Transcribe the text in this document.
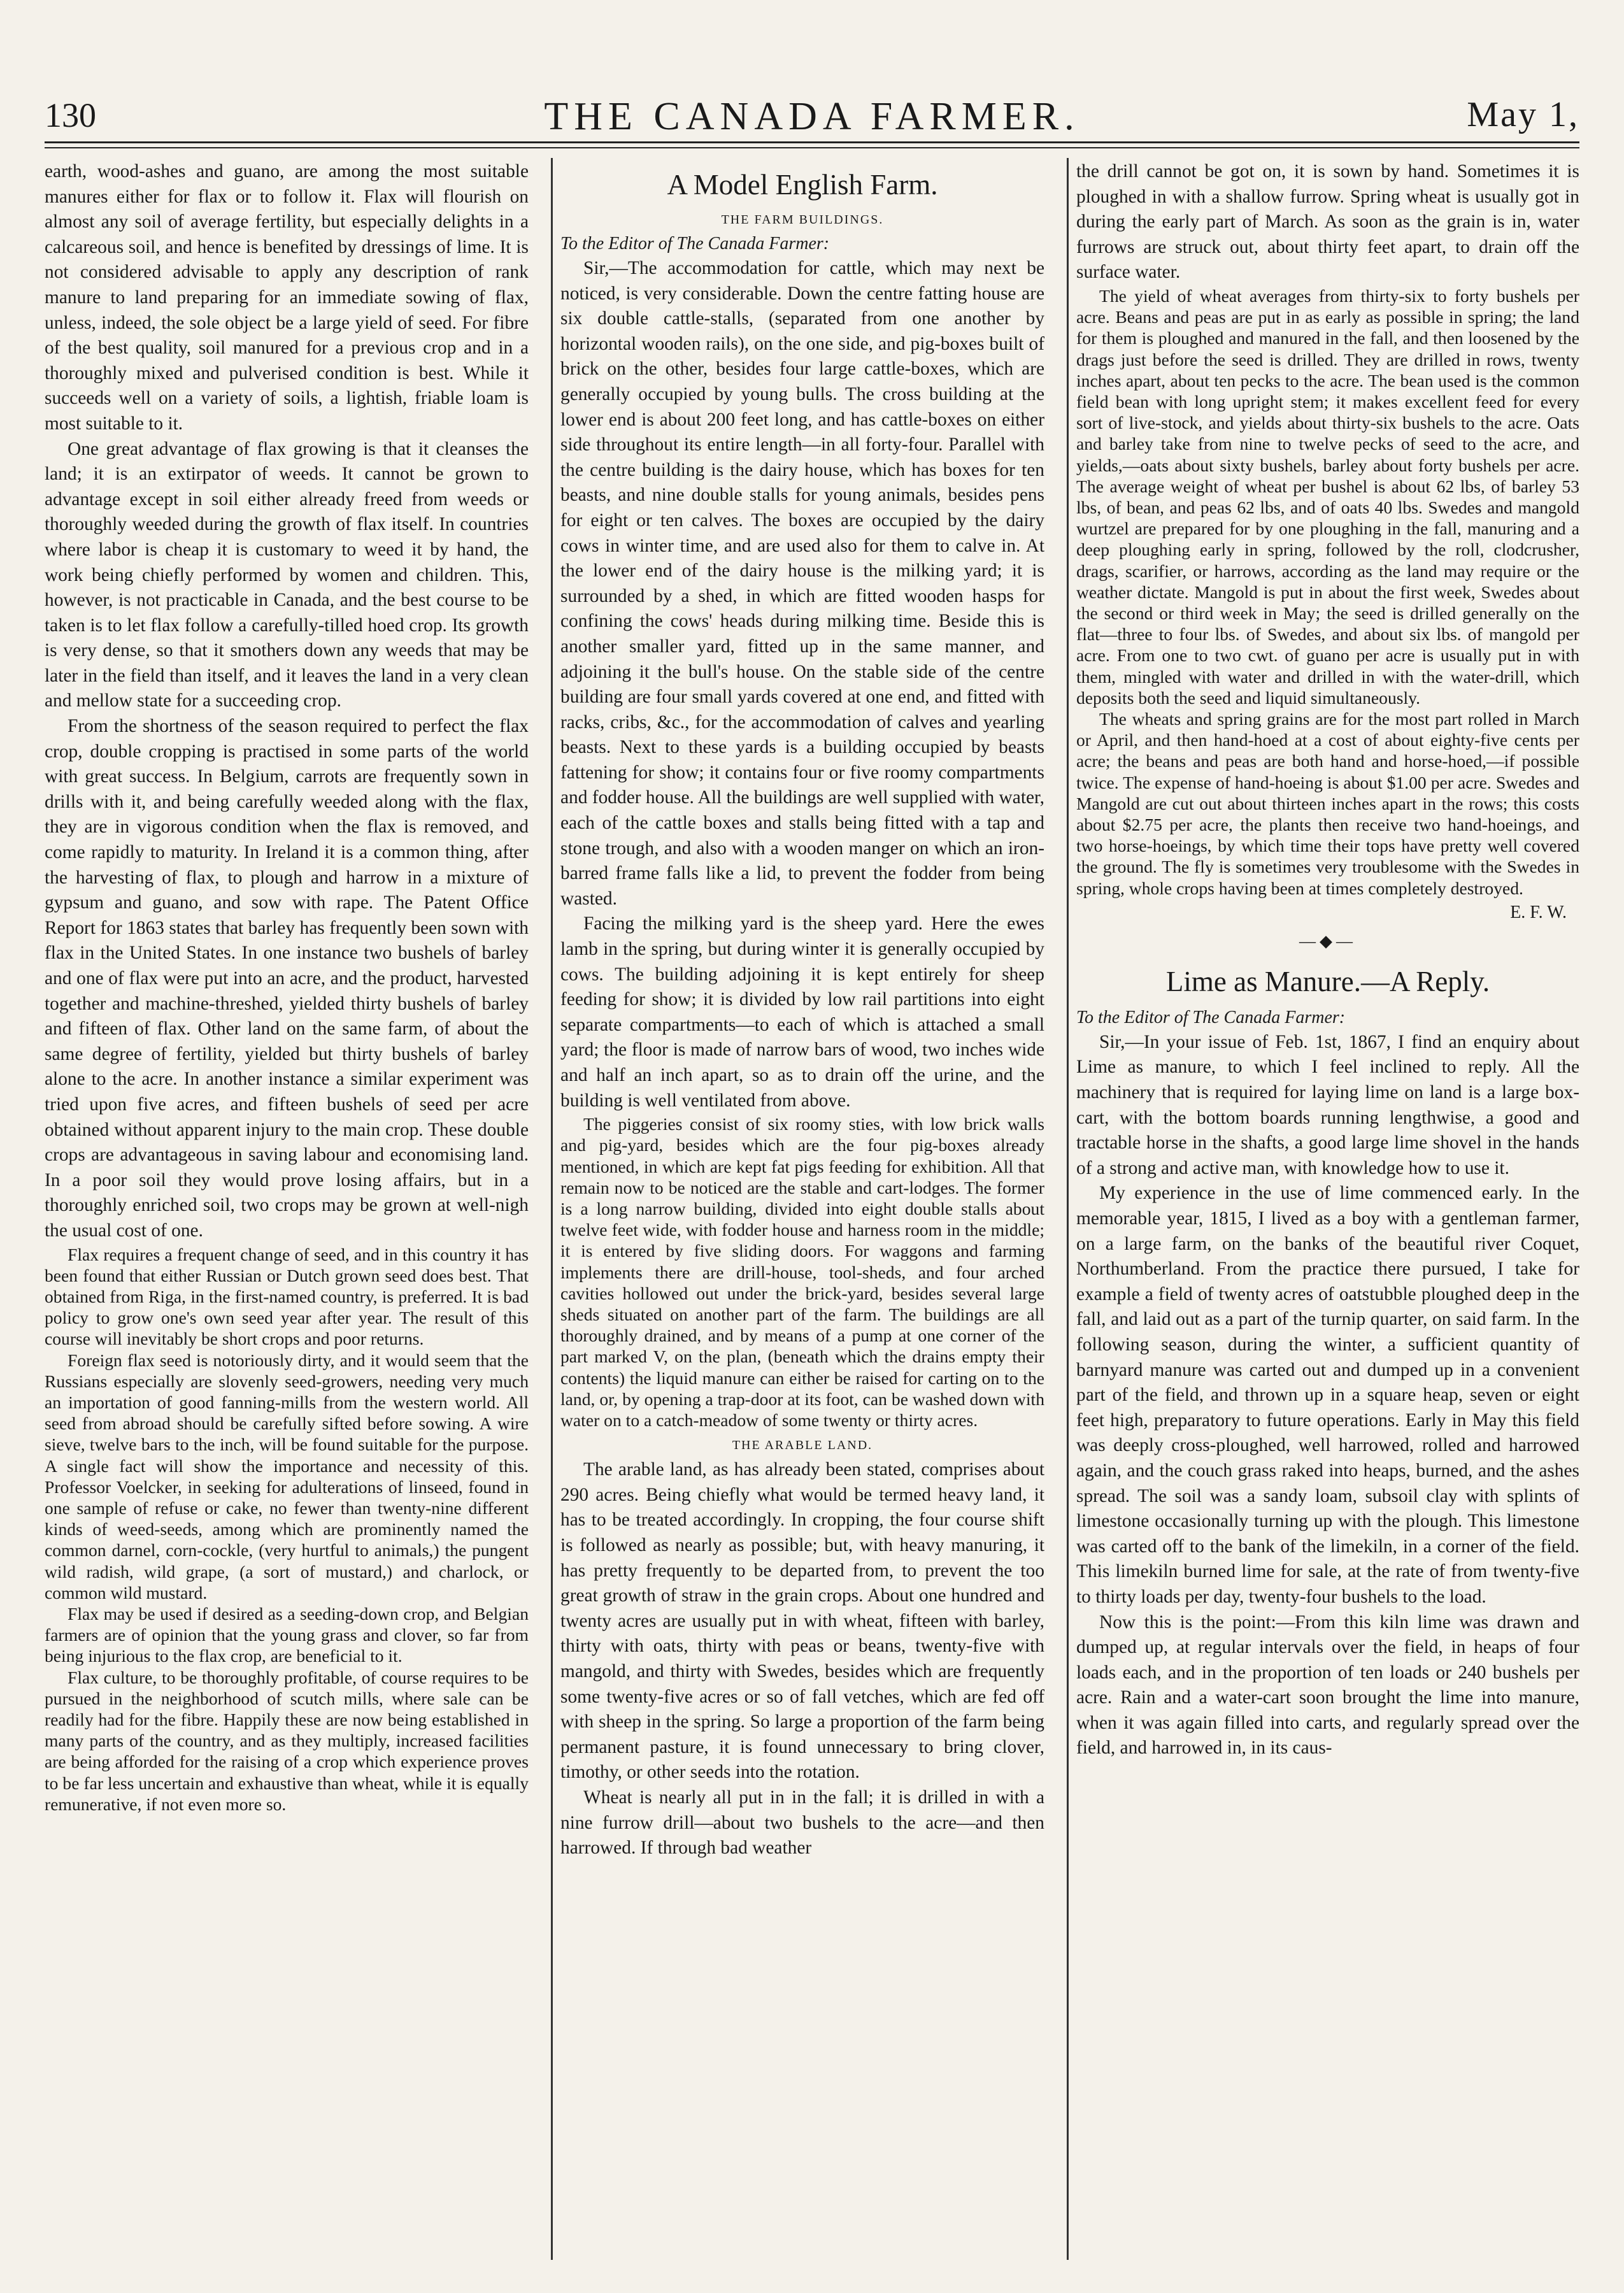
130	THE CANADA FARMER.	May 1,

earth, wood-ashes and guano, are among the most suitable manures either for flax or to follow it. Flax will flourish on almost any soil of average fertility, but especially delights in a calcareous soil, and hence is benefited by dressings of lime. It is not considered advisable to apply any description of rank manure to land preparing for an immediate sowing of flax, unless, indeed, the sole object be a large yield of seed. For fibre of the best quality, soil manured for a previous crop and in a thoroughly mixed and pulverised condition is best. While it succeeds well on a variety of soils, a lightish, friable loam is most suitable to it.

One great advantage of flax growing is that it cleanses the land; it is an extirpator of weeds. It cannot be grown to advantage except in soil either already freed from weeds or thoroughly weeded during the growth of flax itself. In countries where labor is cheap it is customary to weed it by hand, the work being chiefly performed by women and children. This, however, is not practicable in Canada, and the best course to be taken is to let flax follow a carefully-tilled hoed crop. Its growth is very dense, so that it smothers down any weeds that may be later in the field than itself, and it leaves the land in a very clean and mellow state for a succeeding crop.

From the shortness of the season required to perfect the flax crop, double cropping is practised in some parts of the world with great success. In Belgium, carrots are frequently sown in drills with it, and being carefully weeded along with the flax, they are in vigorous condition when the flax is removed, and come rapidly to maturity. In Ireland it is a common thing, after the harvesting of flax, to plough and harrow in a mixture of gypsum and guano, and sow with rape. The Patent Office Report for 1863 states that barley has frequently been sown with flax in the United States. In one instance two bushels of barley and one of flax were put into an acre, and the product, harvested together and machine-threshed, yielded thirty bushels of barley and fifteen of flax. Other land on the same farm, of about the same degree of fertility, yielded but thirty bushels of barley alone to the acre. In another instance a similar experiment was tried upon five acres, and fifteen bushels of seed per acre obtained without apparent injury to the main crop. These double crops are advantageous in saving labour and economising land. In a poor soil they would prove losing affairs, but in a thoroughly enriched soil, two crops may be grown at well-nigh the usual cost of one.

Flax requires a frequent change of seed, and in this country it has been found that either Russian or Dutch grown seed does best. That obtained from Riga, in the first-named country, is preferred. It is bad policy to grow one's own seed year after year. The result of this course will inevitably be short crops and poor returns.

Foreign flax seed is notoriously dirty, and it would seem that the Russians especially are slovenly seed-growers, needing very much an importation of good fanning-mills from the western world. All seed from abroad should be carefully sifted before sowing. A wire sieve, twelve bars to the inch, will be found suitable for the purpose. A single fact will show the importance and necessity of this. Professor Voelcker, in seeking for adulterations of linseed, found in one sample of refuse or cake, no fewer than twenty-nine different kinds of weed-seeds, among which are prominently named the common darnel, corn-cockle, (very hurtful to animals,) the pungent wild radish, wild grape, (a sort of mustard,) and charlock, or common wild mustard.

Flax may be used if desired as a seeding-down crop, and Belgian farmers are of opinion that the young grass and clover, so far from being injurious to the flax crop, are beneficial to it.

Flax culture, to be thoroughly profitable, of course requires to be pursued in the neighborhood of scutch mills, where sale can be readily had for the fibre. Happily these are now being established in many parts of the country, and as they multiply, increased facilities are being afforded for the raising of a crop which experience proves to be far less uncertain and exhaustive than wheat, while it is equally remunerative, if not even more so.

A Model English Farm.
THE FARM BUILDINGS.
To the Editor of The Canada Farmer:

Sir,—The accommodation for cattle, which may next be noticed, is very considerable. Down the centre fatting house are six double cattle-stalls, (separated from one another by horizontal wooden rails), on the one side, and pig-boxes built of brick on the other, besides four large cattle-boxes, which are generally occupied by young bulls. The cross building at the lower end is about 200 feet long, and has cattle-boxes on either side throughout its entire length—in all forty-four. Parallel with the centre building is the dairy house, which has boxes for ten beasts, and nine double stalls for young animals, besides pens for eight or ten calves. The boxes are occupied by the dairy cows in winter time, and are used also for them to calve in. At the lower end of the dairy house is the milking yard; it is surrounded by a shed, in which are fitted wooden hasps for confining the cows' heads during milking time. Beside this is another smaller yard, fitted up in the same manner, and adjoining it the bull's house. On the stable side of the centre building are four small yards covered at one end, and fitted with racks, cribs, &c., for the accommodation of calves and yearling beasts. Next to these yards is a building occupied by beasts fattening for show; it contains four or five roomy compartments and fodder house. All the buildings are well supplied with water, each of the cattle boxes and stalls being fitted with a tap and stone trough, and also with a wooden manger on which an iron-barred frame falls like a lid, to prevent the fodder from being wasted.

Facing the milking yard is the sheep yard. Here the ewes lamb in the spring, but during winter it is generally occupied by cows. The building adjoining it is kept entirely for sheep feeding for show; it is divided by low rail partitions into eight separate compartments—to each of which is attached a small yard; the floor is made of narrow bars of wood, two inches wide and half an inch apart, so as to drain off the urine, and the building is well ventilated from above.

The piggeries consist of six roomy sties, with low brick walls and pig-yard, besides which are the four pig-boxes already mentioned, in which are kept fat pigs feeding for exhibition. All that remain now to be noticed are the stable and cart-lodges. The former is a long narrow building, divided into eight double stalls about twelve feet wide, with fodder house and harness room in the middle; it is entered by five sliding doors. For waggons and farming implements there are drill-house, tool-sheds, and four arched cavities hollowed out under the brick-yard, besides several large sheds situated on another part of the farm. The buildings are all thoroughly drained, and by means of a pump at one corner of the part marked V, on the plan, (beneath which the drains empty their contents) the liquid manure can either be raised for carting on to the land, or, by opening a trap-door at its foot, can be washed down with water on to a catch-meadow of some twenty or thirty acres.

THE ARABLE LAND.

The arable land, as has already been stated, comprises about 290 acres. Being chiefly what would be termed heavy land, it has to be treated accordingly. In cropping, the four course shift is followed as nearly as possible; but, with heavy manuring, it has pretty frequently to be departed from, to prevent the too great growth of straw in the grain crops. About one hundred and twenty acres are usually put in with wheat, fifteen with barley, thirty with oats, thirty with peas or beans, twenty-five with mangold, and thirty with Swedes, besides which are frequently some twenty-five acres or so of fall vetches, which are fed off with sheep in the spring. So large a proportion of the farm being permanent pasture, it is found unnecessary to bring clover, timothy, or other seeds into the rotation.

Wheat is nearly all put in in the fall; it is drilled in with a nine furrow drill—about two bushels to the acre—and then harrowed. If through bad weather

the drill cannot be got on, it is sown by hand. Sometimes it is ploughed in with a shallow furrow. Spring wheat is usually got in during the early part of March. As soon as the grain is in, water furrows are struck out, about thirty feet apart, to drain off the surface water.

The yield of wheat averages from thirty-six to forty bushels per acre. Beans and peas are put in as early as possible in spring; the land for them is ploughed and manured in the fall, and then loosened by the drags just before the seed is drilled. They are drilled in rows, twenty inches apart, about ten pecks to the acre. The bean used is the common field bean with long upright stem; it makes excellent feed for every sort of live-stock, and yields about thirty-six bushels to the acre. Oats and barley take from nine to twelve pecks of seed to the acre, and yields,—oats about sixty bushels, barley about forty bushels per acre. The average weight of wheat per bushel is about 62 lbs, of barley 53 lbs, of bean, and peas 62 lbs, and of oats 40 lbs. Swedes and mangold wurtzel are prepared for by one ploughing in the fall, manuring and a deep ploughing early in spring, followed by the roll, clodcrusher, drags, scarifier, or harrows, according as the land may require or the weather dictate. Mangold is put in about the first week, Swedes about the second or third week in May; the seed is drilled generally on the flat—three to four lbs. of Swedes, and about six lbs. of mangold per acre. From one to two cwt. of guano per acre is usually put in with them, mingled with water and drilled in with the water-drill, which deposits both the seed and liquid simultaneously.

The wheats and spring grains are for the most part rolled in March or April, and then hand-hoed at a cost of about eighty-five cents per acre; the beans and peas are both hand and horse-hoed,—if possible twice. The expense of hand-hoeing is about $1.00 per acre. Swedes and Mangold are cut out about thirteen inches apart in the rows; this costs about $2.75 per acre, the plants then receive two hand-hoeings, and two horse-hoeings, by which time their tops have pretty well covered the ground. The fly is sometimes very troublesome with the Swedes in spring, whole crops having been at times completely destroyed.

E. F. W.
—◆—
Lime as Manure.—A Reply.
To the Editor of The Canada Farmer:

Sir,—In your issue of Feb. 1st, 1867, I find an enquiry about Lime as manure, to which I feel inclined to reply. All the machinery that is required for laying lime on land is a large box-cart, with the bottom boards running lengthwise, a good and tractable horse in the shafts, a good large lime shovel in the hands of a strong and active man, with knowledge how to use it.

My experience in the use of lime commenced early. In the memorable year, 1815, I lived as a boy with a gentleman farmer, on a large farm, on the banks of the beautiful river Coquet, Northumberland. From the practice there pursued, I take for example a field of twenty acres of oatstubble ploughed deep in the fall, and laid out as a part of the turnip quarter, on said farm. In the following season, during the winter, a sufficient quantity of barnyard manure was carted out and dumped up in a convenient part of the field, and thrown up in a square heap, seven or eight feet high, preparatory to future operations. Early in May this field was deeply cross-ploughed, well harrowed, rolled and harrowed again, and the couch grass raked into heaps, burned, and the ashes spread. The soil was a sandy loam, subsoil clay with splints of limestone occasionally turning up with the plough. This limestone was carted off to the bank of the limekiln, in a corner of the field. This limekiln burned lime for sale, at the rate of from twenty-five to thirty loads per day, twenty-four bushels to the load.

Now this is the point:—From this kiln lime was drawn and dumped up, at regular intervals over the field, in heaps of four loads each, and in the proportion of ten loads or 240 bushels per acre. Rain and a water-cart soon brought the lime into manure, when it was again filled into carts, and regularly spread over the field, and harrowed in, in its caus-
